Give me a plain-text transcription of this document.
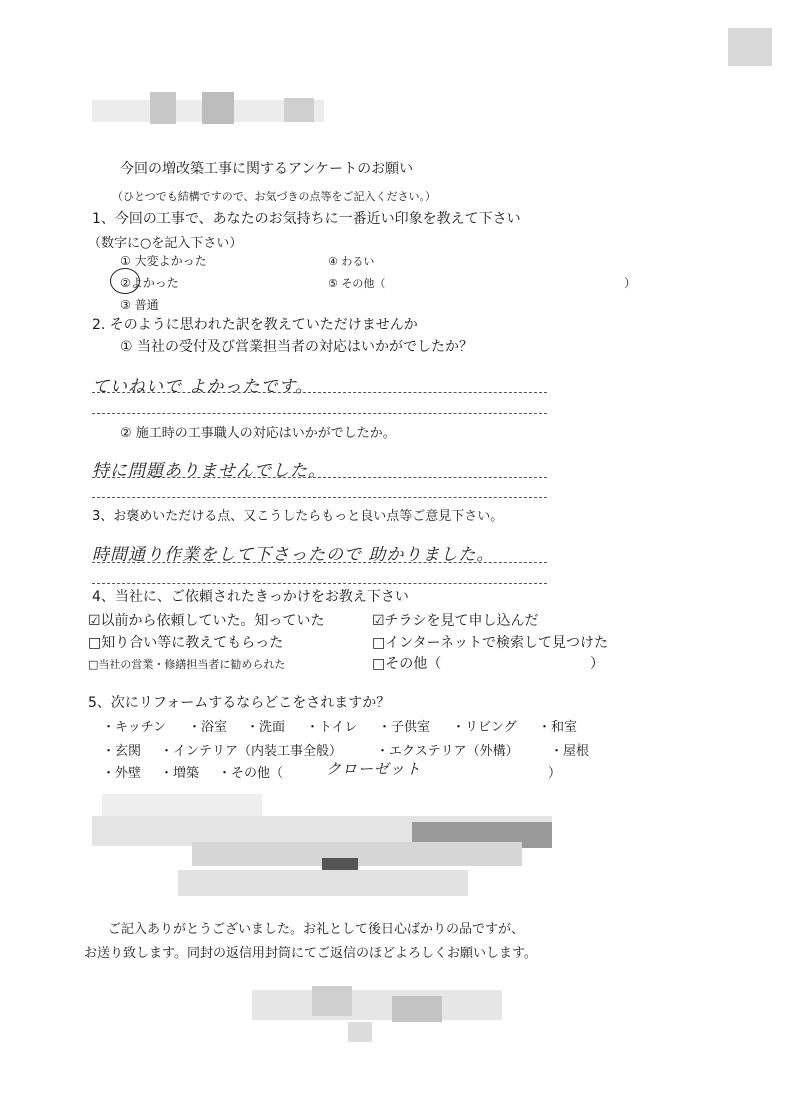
今回の増改築工事に関するアンケートのお願い
（ひとつでも結構ですので、お気づきの点等をご記入ください。）
1、今回の工事で、あなたのお気持ちに一番近い印象を教えて下さい
（数字に○を記入下さい）
① 大変よかった
②よかった
③ 普通
④ わるい
⑤ その他（	）
2. そのように思われた訳を教えていただけませんか
① 当社の受付及び営業担当者の対応はいかがでしたか？
ていねいで よかったです。
② 施工時の工事職人の対応はいかがでしたか。
特に問題ありませんでした。
3、お褒めいただける点、又こうしたらもっと良い点等ご意見下さい。
時間通り作業をして下さったので 助かりました。
4、当社に、ご依頼されたきっかけをお教え下さい
☑以前から依頼していた。知っていた	☑チラシを見て申し込んだ
□知り合い等に教えてもらった	□インターネットで検索して見つけた
□当社の営業・修繕担当者に勧められた	□その他（	）
5、次にリフォームするならどこをされますか？
・キッチン ・浴室 ・洗面 ・トイレ ・子供室 ・リビング ・和室
・玄関 ・インテリア（内装工事全般）	・エクステリア（外構） ・屋根
・外壁 ・増築 ・その他（	クローゼット	）
ご記入ありがとうございました。お礼として後日心ばかりの品ですが、
お送り致します。同封の返信用封筒にてご返信のほどよろしくお願いします。
